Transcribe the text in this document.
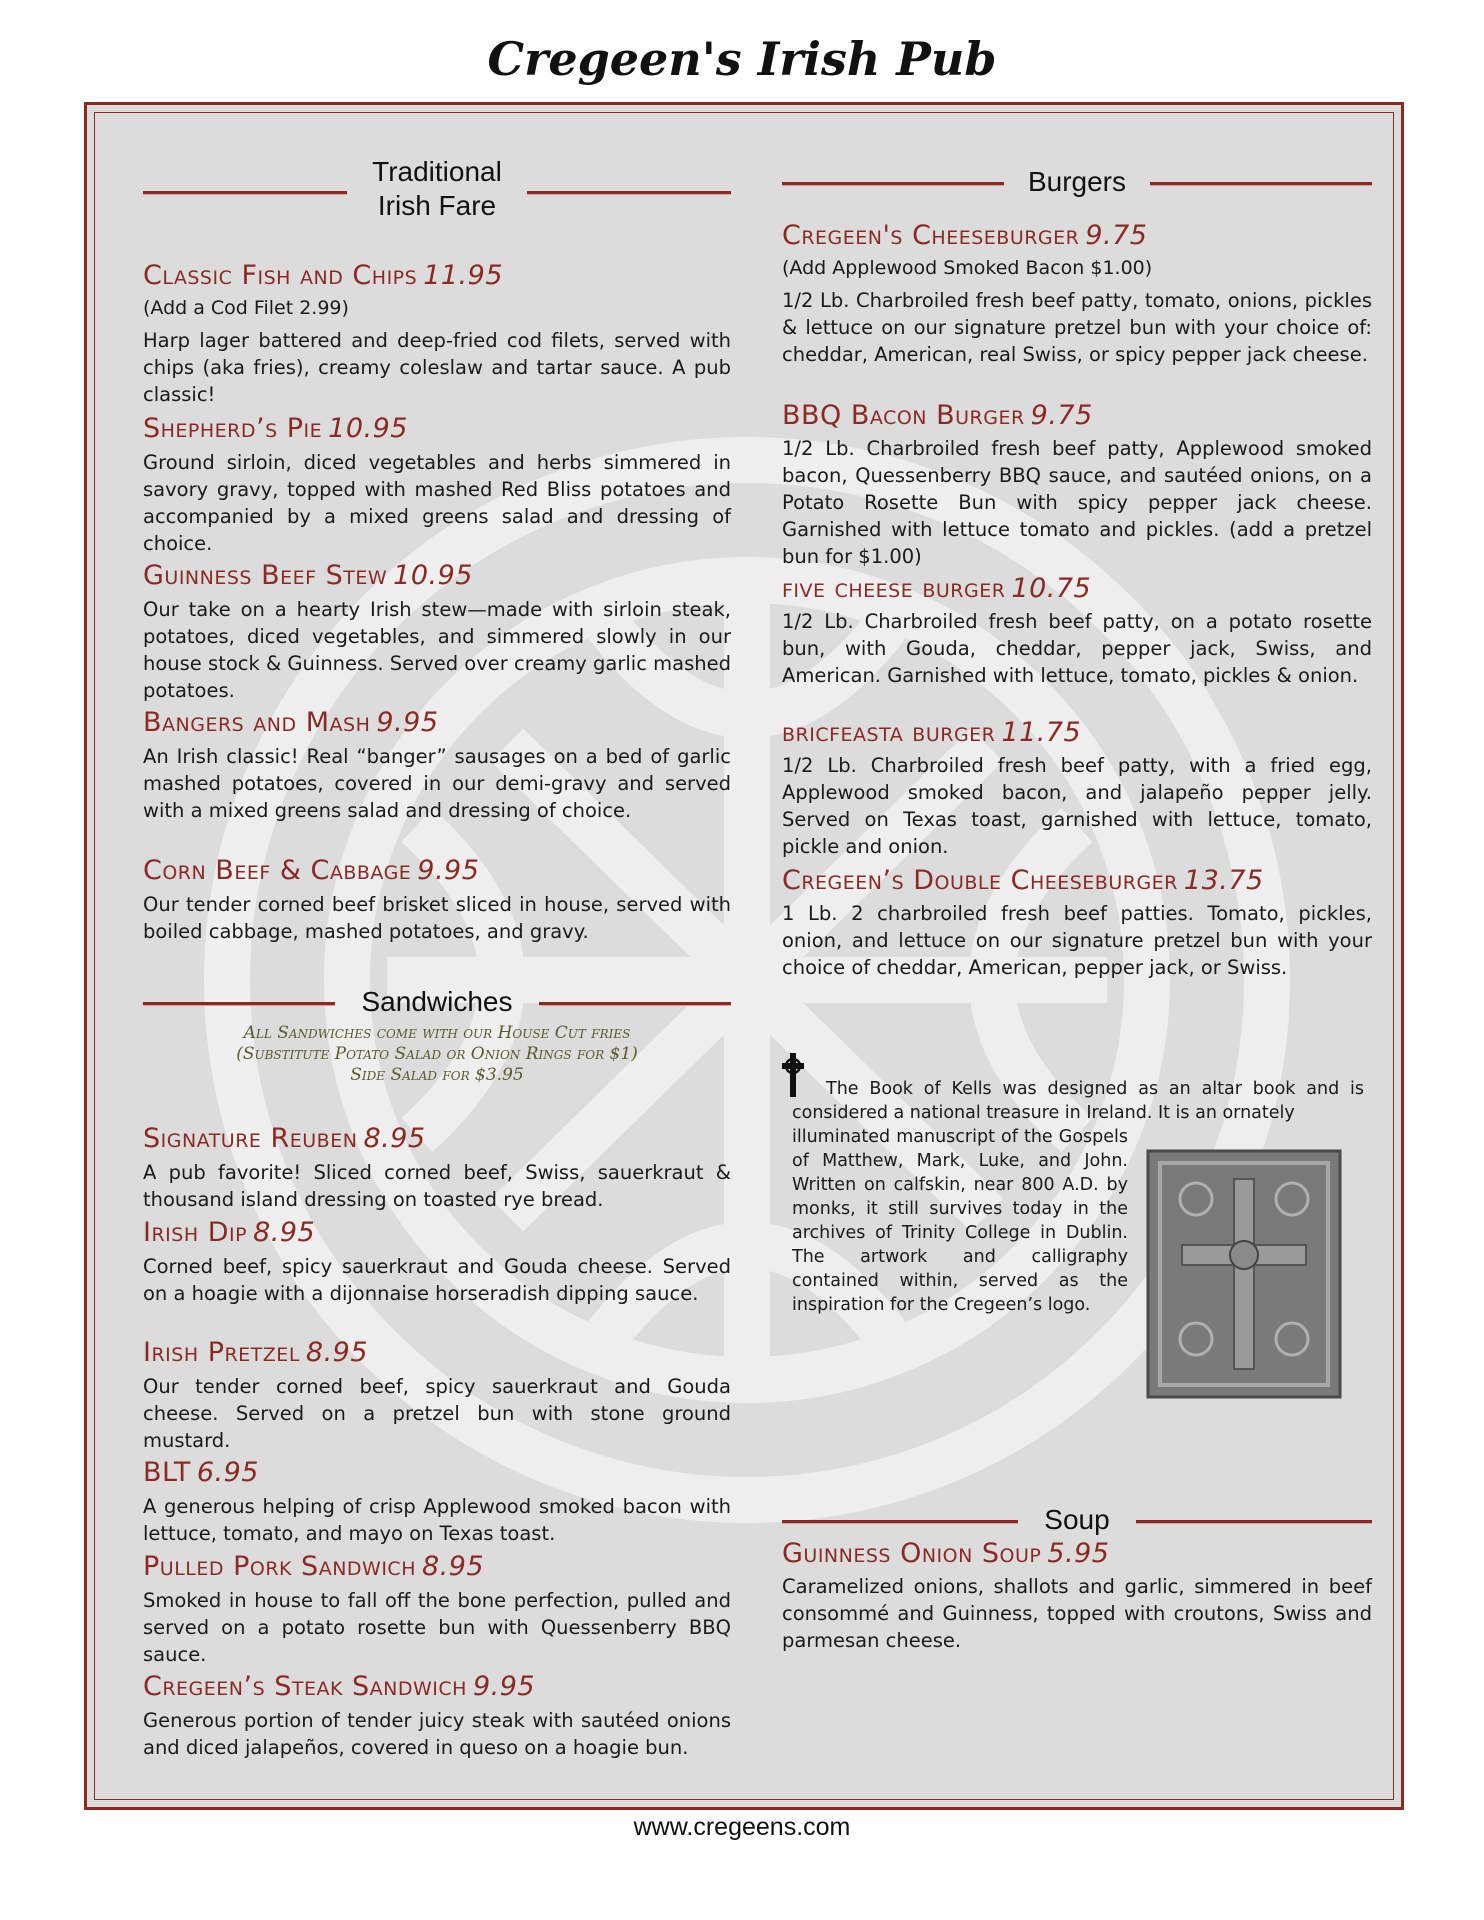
Cregeen's Irish Pub
Traditional
Irish Fare
Classic Fish and Chips 11.95
(Add a Cod Filet 2.99)
Harp lager battered and deep-fried cod filets, served with chips (aka fries), creamy coleslaw and tartar sauce. A pub classic!
Shepherd’s Pie 10.95
Ground sirloin, diced vegetables and herbs simmered in savory gravy, topped with mashed Red Bliss potatoes and accompanied by a mixed greens salad and dressing of choice.
Guinness Beef Stew 10.95
Our take on a hearty Irish stew—made with sirloin steak, potatoes, diced vegetables, and simmered slowly in our house stock & Guinness. Served over creamy garlic mashed potatoes.
Bangers and Mash 9.95
An Irish classic! Real “banger” sausages on a bed of garlic mashed potatoes, covered in our demi-gravy and served with a mixed greens salad and dressing of choice.
Corn Beef & Cabbage 9.95
Our tender corned beef brisket sliced in house, served with boiled cabbage, mashed potatoes, and gravy.
Sandwiches
All Sandwiches come with our House Cut fries
(Substitute Potato Salad or Onion Rings for $1)
Side Salad for $3.95
Signature Reuben 8.95
A pub favorite! Sliced corned beef, Swiss, sauerkraut & thousand island dressing on toasted rye bread.
Irish Dip 8.95
Corned beef, spicy sauerkraut and Gouda cheese. Served on a hoagie with a dijonnaise horseradish dipping sauce.
Irish Pretzel 8.95
Our tender corned beef, spicy sauerkraut and Gouda cheese. Served on a pretzel bun with stone ground mustard.
BLT 6.95
A generous helping of crisp Applewood smoked bacon with lettuce, tomato, and mayo on Texas toast.
Pulled Pork Sandwich 8.95
Smoked in house to fall off the bone perfection, pulled and served on a potato rosette bun with Quessenberry BBQ sauce.
Cregeen’s Steak Sandwich 9.95
Generous portion of tender juicy steak with sautéed onions and diced jalapeños, covered in queso on a hoagie bun.
Burgers
Cregeen's Cheeseburger 9.75
(Add Applewood Smoked Bacon $1.00)
1/2 Lb. Charbroiled fresh beef patty, tomato, onions, pickles & lettuce on our signature pretzel bun with your choice of: cheddar, American, real Swiss, or spicy pepper jack cheese.
BBQ Bacon Burger 9.75
1/2 Lb. Charbroiled fresh beef patty, Applewood smoked bacon, Quessenberry BBQ sauce, and sautéed onions, on a Potato Rosette Bun with spicy pepper jack cheese. Garnished with lettuce tomato and pickles. (add a pretzel bun for $1.00)
five cheese burger 10.75
1/2 Lb. Charbroiled fresh beef patty, on a potato rosette bun, with Gouda, cheddar, pepper jack, Swiss, and American. Garnished with lettuce, tomato, pickles & onion.
bricfeasta burger 11.75
1/2 Lb. Charbroiled fresh beef patty, with a fried egg, Applewood smoked bacon, and jalapeño pepper jelly. Served on Texas toast, garnished with lettuce, tomato, pickle and onion.
Cregeen’s Double Cheeseburger 13.75
1 Lb. 2 charbroiled fresh beef patties. Tomato, pickles, onion, and lettuce on our signature pretzel bun with your choice of cheddar, American, pepper jack, or Swiss.
The Book of Kells was designed as an altar book and is considered a national treasure in Ireland. It is an ornately
illuminated manuscript of the Gospels of Matthew, Mark, Luke, and John. Written on calfskin, near 800 A.D. by monks, it still survives today in the archives of Trinity College in Dublin. The artwork and calligraphy contained within, served as the inspiration for the Cregeen’s logo.
Soup
Guinness Onion Soup 5.95
Caramelized onions, shallots and garlic, simmered in beef consommé and Guinness, topped with croutons, Swiss and parmesan cheese.
www.cregeens.com
